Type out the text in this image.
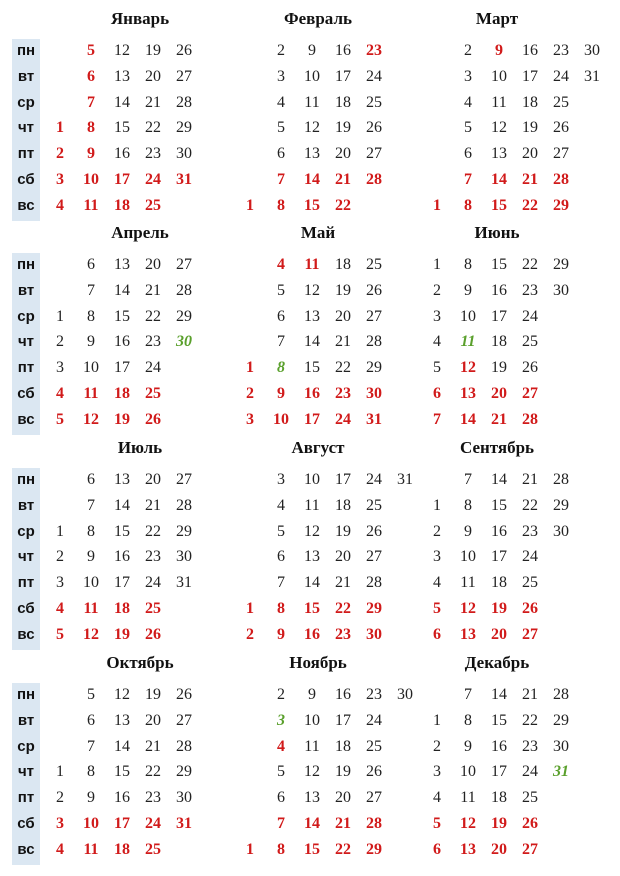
пн
вт
ср
чт
пт
сб
вс
Январь
1
2
3
4
5
6
7
8
9
10
11
12
13
14
15
16
17
18
19
20
21
22
23
24
25
26
27
28
29
30
31
Февраль
1
2
3
4
5
6
7
8
9
10
11
12
13
14
15
16
17
18
19
20
21
22
23
24
25
26
27
28
Март
1
2
3
4
5
6
7
8
9
10
11
12
13
14
15
16
17
18
19
20
21
22
23
24
25
26
27
28
29
30
31
пн
вт
ср
чт
пт
сб
вс
Апрель
1
2
3
4
5
6
7
8
9
10
11
12
13
14
15
16
17
18
19
20
21
22
23
24
25
26
27
28
29
30
Май
1
2
3
4
5
6
7
8
9
10
11
12
13
14
15
16
17
18
19
20
21
22
23
24
25
26
27
28
29
30
31
Июнь
1
2
3
4
5
6
7
8
9
10
11
12
13
14
15
16
17
18
19
20
21
22
23
24
25
26
27
28
29
30
пн
вт
ср
чт
пт
сб
вс
Июль
1
2
3
4
5
6
7
8
9
10
11
12
13
14
15
16
17
18
19
20
21
22
23
24
25
26
27
28
29
30
31
Август
1
2
3
4
5
6
7
8
9
10
11
12
13
14
15
16
17
18
19
20
21
22
23
24
25
26
27
28
29
30
31
Сентябрь
1
2
3
4
5
6
7
8
9
10
11
12
13
14
15
16
17
18
19
20
21
22
23
24
25
26
27
28
29
30
пн
вт
ср
чт
пт
сб
вс
Октябрь
1
2
3
4
5
6
7
8
9
10
11
12
13
14
15
16
17
18
19
20
21
22
23
24
25
26
27
28
29
30
31
Ноябрь
1
2
3
4
5
6
7
8
9
10
11
12
13
14
15
16
17
18
19
20
21
22
23
24
25
26
27
28
29
30
Декабрь
1
2
3
4
5
6
7
8
9
10
11
12
13
14
15
16
17
18
19
20
21
22
23
24
25
26
27
28
29
30
31
